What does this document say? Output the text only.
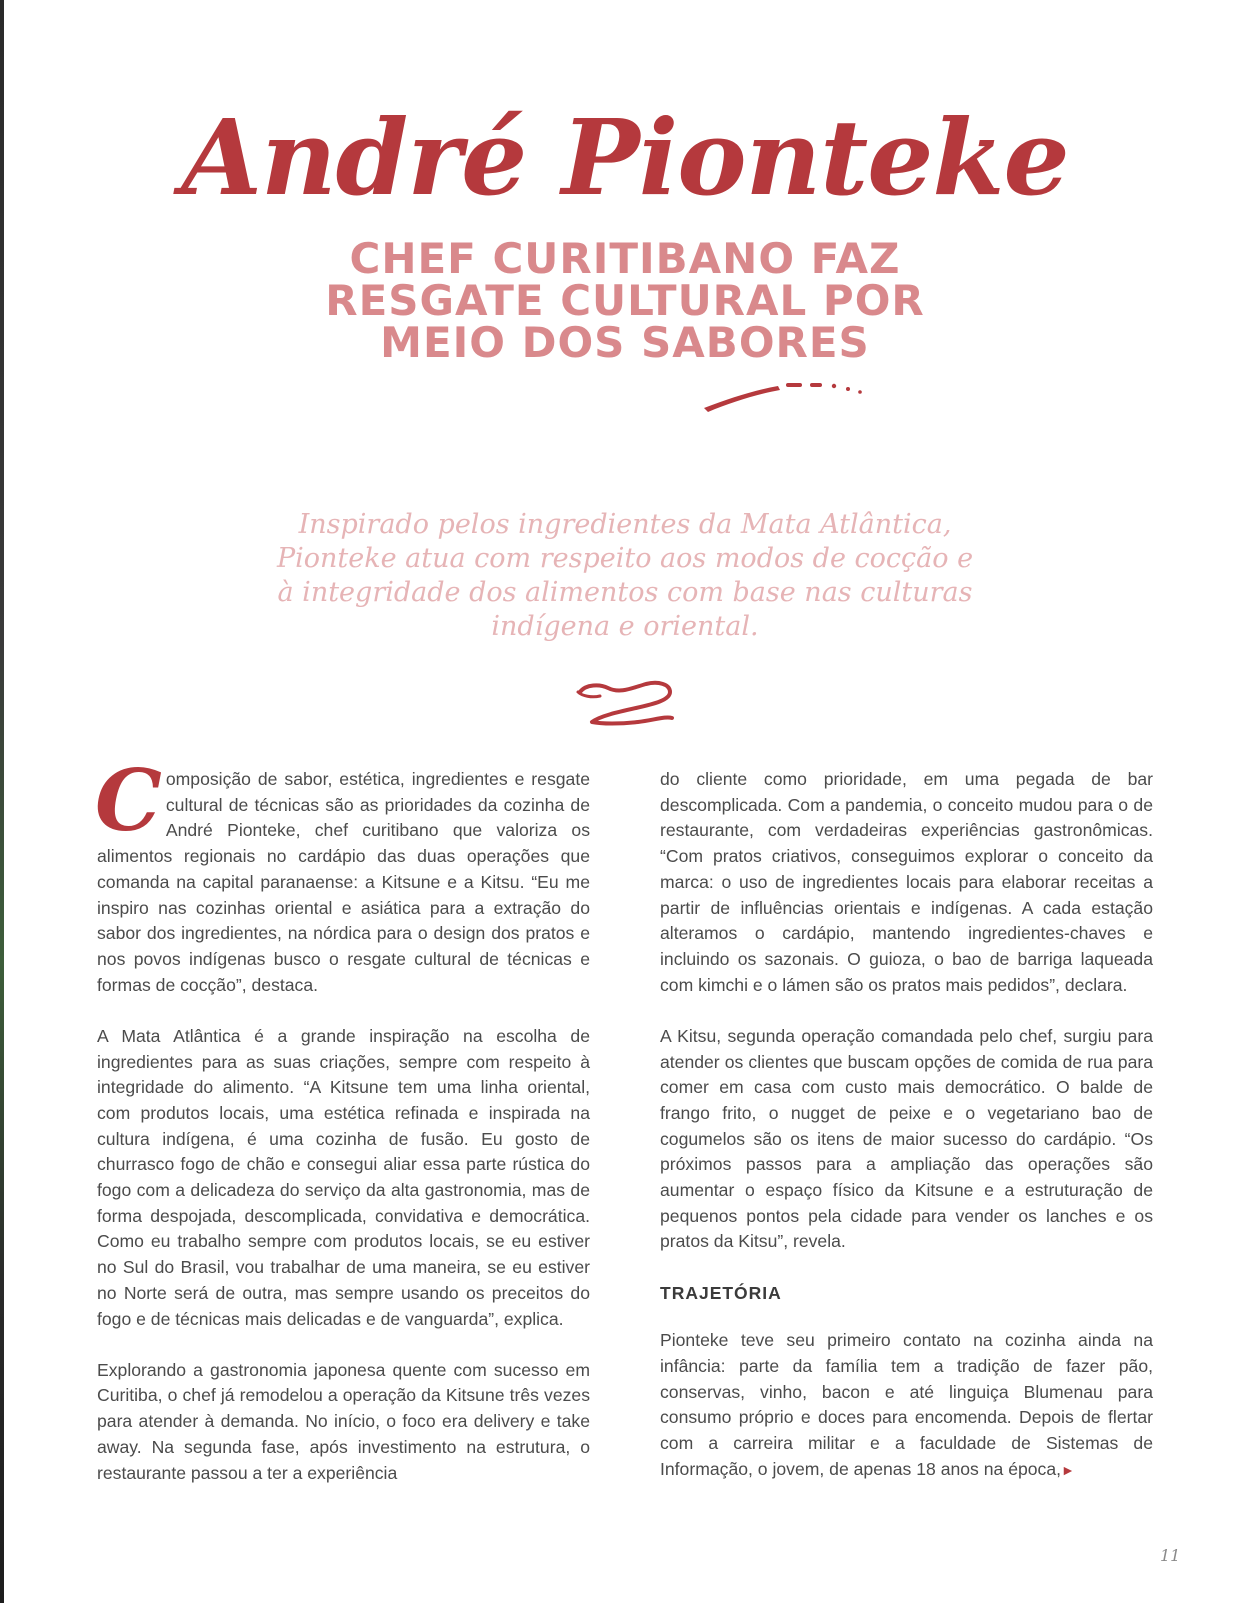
André Pionteke
CHEF CURITIBANO FAZ
RESGATE CULTURAL POR
MEIO DOS SABORES

Inspirado pelos ingredientes da Mata Atlântica,
Pionteke atua com respeito aos modos de cocção e
à integridade dos alimentos com base nas culturas
indígena e oriental.

Composição de sabor, estética, ingredientes e resgate cultural de técnicas são as prioridades da cozinha de André Pionteke, chef curitibano que valoriza os alimentos regionais no cardápio das duas operações que comanda na capital paranaense: a Kitsune e a Kitsu. “Eu me inspiro nas cozinhas oriental e asiática para a extração do sabor dos ingredientes, na nórdica para o design dos pratos e nos povos indígenas busco o resgate cultural de técnicas e formas de cocção”, destaca.

A Mata Atlântica é a grande inspiração na escolha de ingredientes para as suas criações, sempre com respeito à integridade do alimento. “A Kitsune tem uma linha oriental, com produtos locais, uma estética refinada e inspirada na cultura indígena, é uma cozinha de fusão. Eu gosto de churrasco fogo de chão e consegui aliar essa parte rústica do fogo com a delicadeza do serviço da alta gastronomia, mas de forma despojada, descomplicada, convidativa e democrática. Como eu trabalho sempre com produtos locais, se eu estiver no Sul do Brasil, vou trabalhar de uma maneira, se eu estiver no Norte será de outra, mas sempre usando os preceitos do fogo e de técnicas mais delicadas e de vanguarda”, explica.

Explorando a gastronomia japonesa quente com sucesso em Curitiba, o chef já remodelou a operação da Kitsune três vezes para atender à demanda. No início, o foco era delivery e take away. Na segunda fase, após investimento na estrutura, o restaurante passou a ter a experiência

do cliente como prioridade, em uma pegada de bar descomplicada. Com a pandemia, o conceito mudou para o de restaurante, com verdadeiras experiências gastronômicas. “Com pratos criativos, conseguimos explorar o conceito da marca: o uso de ingredientes locais para elaborar receitas a partir de influências orientais e indígenas. A cada estação alteramos o cardápio, mantendo ingredientes-chaves e incluindo os sazonais. O guioza, o bao de barriga laqueada com kimchi e o lámen são os pratos mais pedidos”, declara.

A Kitsu, segunda operação comandada pelo chef, surgiu para atender os clientes que buscam opções de comida de rua para comer em casa com custo mais democrático. O balde de frango frito, o nugget de peixe e o vegetariano bao de cogumelos são os itens de maior sucesso do cardápio. “Os próximos passos para a ampliação das operações são aumentar o espaço físico da Kitsune e a estruturação de pequenos pontos pela cidade para vender os lanches e os pratos da Kitsu”, revela.

TRAJETÓRIA

Pionteke teve seu primeiro contato na cozinha ainda na infância: parte da família tem a tradição de fazer pão, conservas, vinho, bacon e até linguiça Blumenau para consumo próprio e doces para encomenda. Depois de flertar com a carreira militar e a faculdade de Sistemas de Informação, o jovem, de apenas 18 anos na época,►

11
